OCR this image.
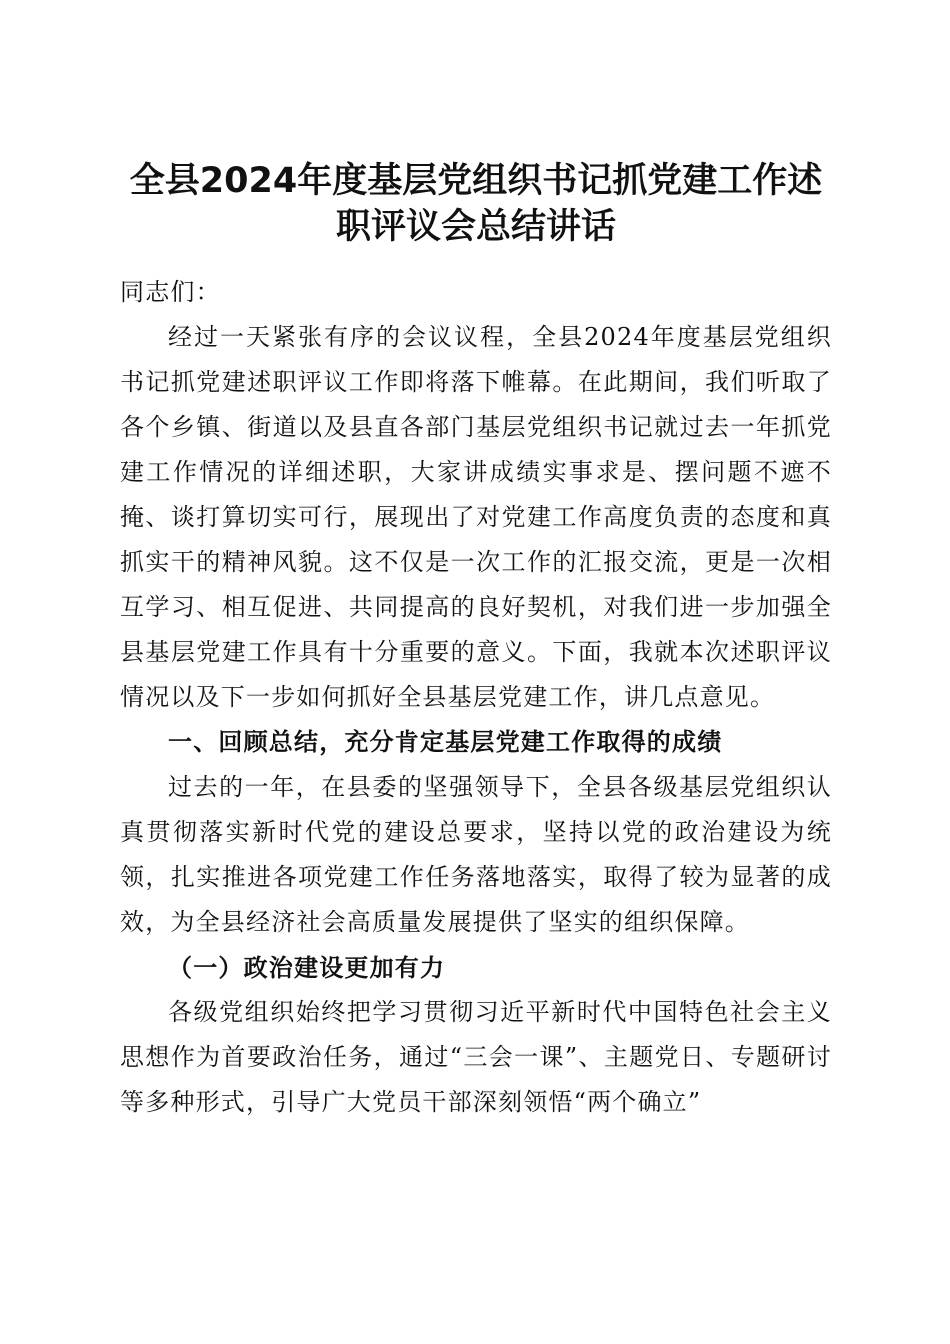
全县2024年度基层党组织书记抓党建工作述
职评议会总结讲话

同志们：

经过一天紧张有序的会议议程，全县2024年度基层党组织书记抓党建述职评议工作即将落下帷幕。在此期间，我们听取了各个乡镇、街道以及县直各部门基层党组织书记就过去一年抓党建工作情况的详细述职，大家讲成绩实事求是、摆问题不遮不掩、谈打算切实可行，展现出了对党建工作高度负责的态度和真抓实干的精神风貌。这不仅是一次工作的汇报交流，更是一次相互学习、相互促进、共同提高的良好契机，对我们进一步加强全县基层党建工作具有十分重要的意义。下面，我就本次述职评议情况以及下一步如何抓好全县基层党建工作，讲几点意见。

一、回顾总结，充分肯定基层党建工作取得的成绩

过去的一年，在县委的坚强领导下，全县各级基层党组织认真贯彻落实新时代党的建设总要求，坚持以党的政治建设为统领，扎实推进各项党建工作任务落地落实，取得了较为显著的成效，为全县经济社会高质量发展提供了坚实的组织保障。

（一）政治建设更加有力

各级党组织始终把学习贯彻习近平新时代中国特色社会主义思想作为首要政治任务，通过“三会一课”、主题党日、专题研讨等多种形式，引导广大党员干部深刻领悟“两个确立”
